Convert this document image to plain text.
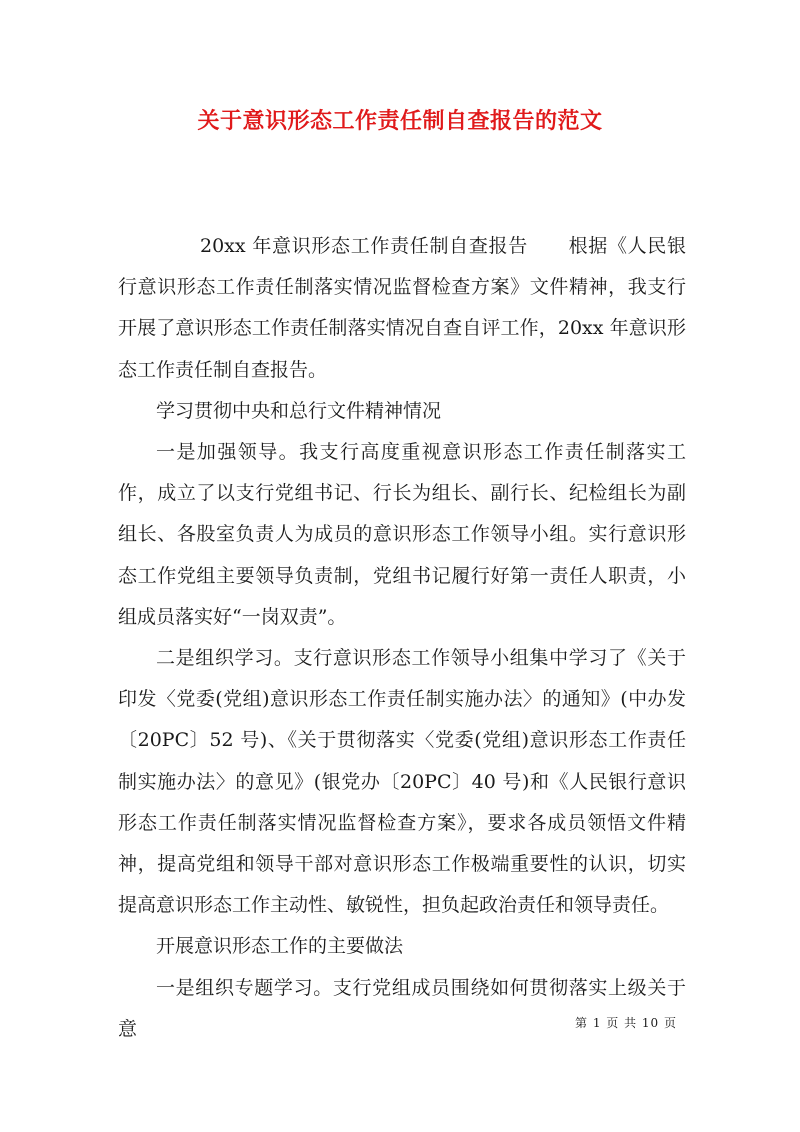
关于意识形态工作责任制自查报告的范文

20xx 年意识形态工作责任制自查报告 根据《人民银行意识形态工作责任制落实情况监督检查方案》文件精神，我支行开展了意识形态工作责任制落实情况自查自评工作，20xx 年意识形态工作责任制自查报告。

学习贯彻中央和总行文件精神情况

一是加强领导。我支行高度重视意识形态工作责任制落实工作，成立了以支行党组书记、行长为组长、副行长、纪检组长为副组长、各股室负责人为成员的意识形态工作领导小组。实行意识形态工作党组主要领导负责制，党组书记履行好第一责任人职责，小组成员落实好“一岗双责”。

二是组织学习。支行意识形态工作领导小组集中学习了《关于印发〈党委(党组)意识形态工作责任制实施办法〉的通知》(中办发〔20PC〕52 号)、《关于贯彻落实〈党委(党组)意识形态工作责任制实施办法〉的意见》(银党办〔20PC〕40 号)和《人民银行意识形态工作责任制落实情况监督检查方案》，要求各成员领悟文件精神，提高党组和领导干部对意识形态工作极端重要性的认识，切实提高意识形态工作主动性、敏锐性，担负起政治责任和领导责任。

开展意识形态工作的主要做法

一是组织专题学习。支行党组成员围绕如何贯彻落实上级关于意	第 1 页 共 10 页
